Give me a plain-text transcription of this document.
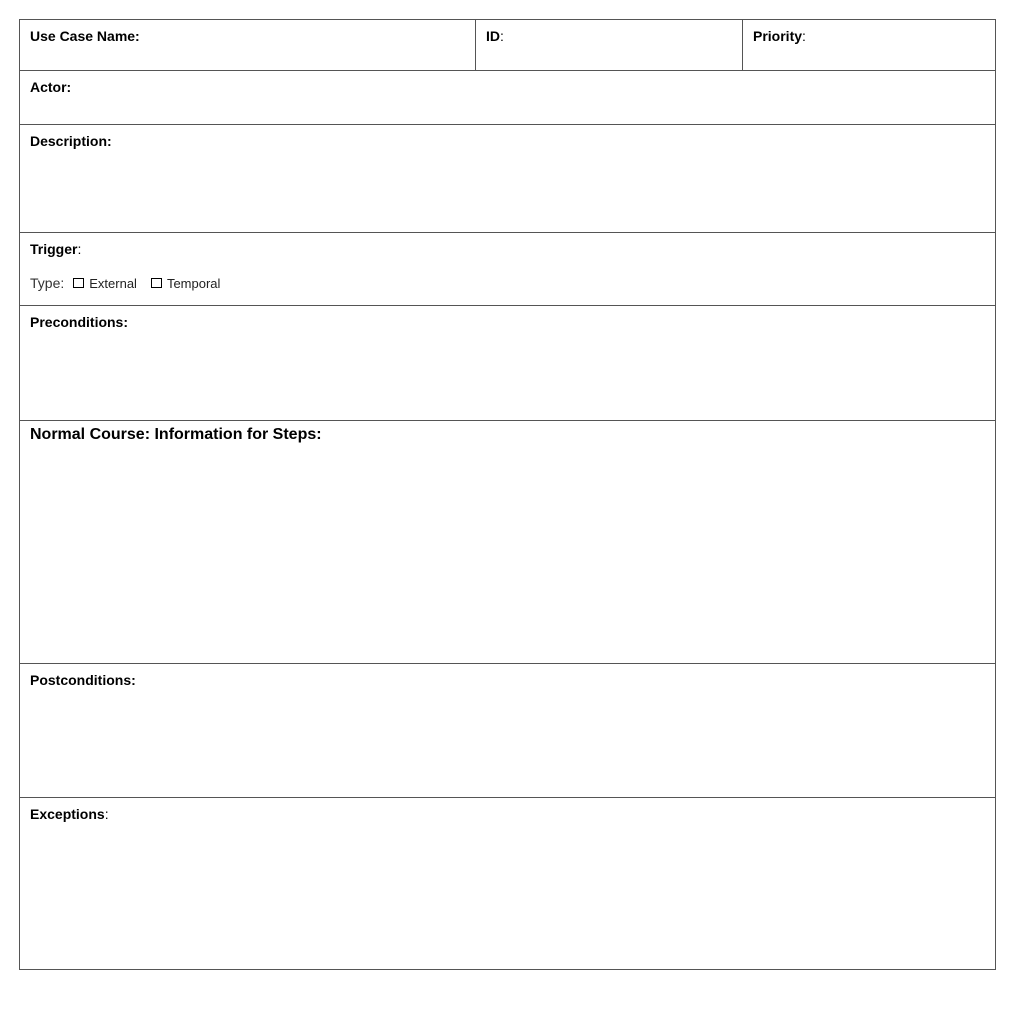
Use Case Name:	ID:	Priority:
Actor:
Description:
Trigger:
Type: External Temporal
Preconditions:
Normal Course: Information for Steps:
Postconditions:
Exceptions:
